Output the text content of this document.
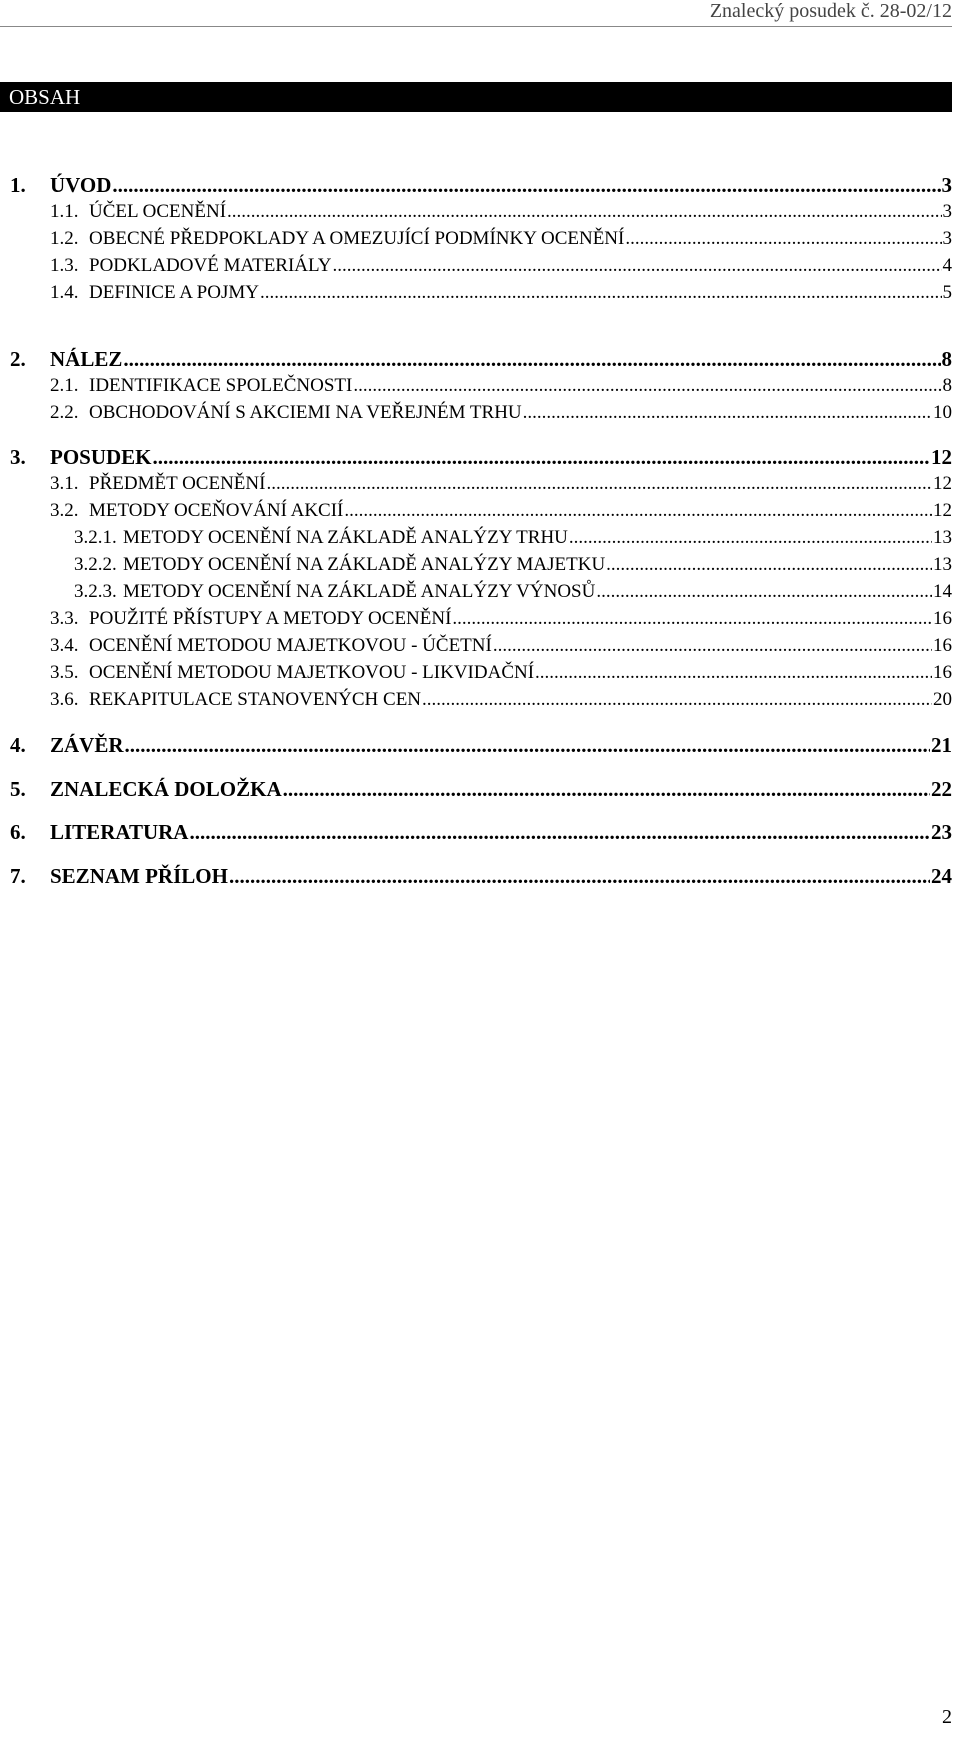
Znalecký posudek č. 28-02/12
OBSAH
1.	ÚVOD .....	3
1.1. ÚČEL OCENĚNÍ .....	3
1.2. OBECNÉ PŘEDPOKLADY A OMEZUJÍCÍ PODMÍNKY OCENĚNÍ .....	3
1.3. PODKLADOVÉ MATERIÁLY .....	4
1.4. DEFINICE A POJMY .....	5
2.	NÁLEZ .....	8
2.1. IDENTIFIKACE SPOLEČNOSTI .....	8
2.2. OBCHODOVÁNÍ S AKCIEMI NA VEŘEJNÉM TRHU .....	10
3.	POSUDEK .....	12
3.1. PŘEDMĚT OCENĚNÍ .....	12
3.2. METODY OCEŇOVÁNÍ AKCIÍ .....	12
3.2.1. METODY OCENĚNÍ NA ZÁKLADĚ ANALÝZY TRHU .....	13
3.2.2. METODY OCENĚNÍ NA ZÁKLADĚ ANALÝZY MAJETKU .....	13
3.2.3. METODY OCENĚNÍ NA ZÁKLADĚ ANALÝZY VÝNOSŮ .....	14
3.3. POUŽITÉ PŘÍSTUPY A METODY OCENĚNÍ .....	16
3.4. OCENĚNÍ METODOU MAJETKOVOU - ÚČETNÍ .....	16
3.5. OCENĚNÍ METODOU MAJETKOVOU - LIKVIDAČNÍ .....	16
3.6. REKAPITULACE STANOVENÝCH CEN .....	20
4.	ZÁVĚR .....	21
5.	ZNALECKÁ DOLOŽKA .....	22
6.	LITERATURA .....	23
7.	SEZNAM PŘÍLOH .....	24
2
